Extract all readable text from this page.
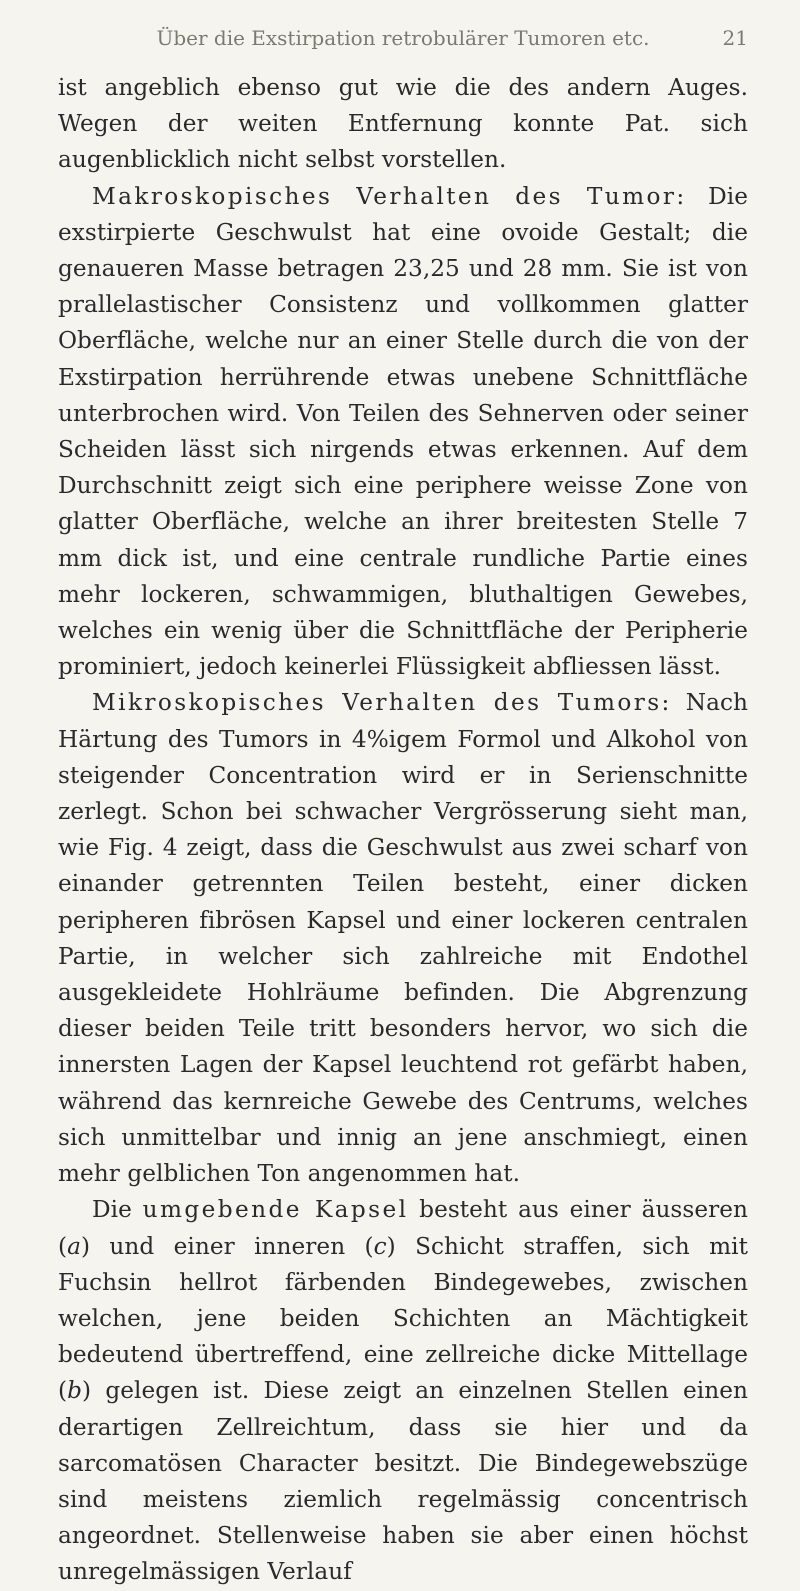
Über die Exstirpation retrobulärer Tumoren etc.	21

ist angeblich ebenso gut wie die des andern Auges. Wegen der weiten Entfernung konnte Pat. sich augenblicklich nicht selbst vorstellen.

Makroskopisches Verhalten des Tumor: Die exstirpierte Geschwulst hat eine ovoide Gestalt; die genaueren Masse betragen 23,25 und 28 mm. Sie ist von prallelastischer Consistenz und vollkommen glatter Oberfläche, welche nur an einer Stelle durch die von der Exstirpation herrührende etwas unebene Schnittfläche unterbrochen wird. Von Teilen des Sehnerven oder seiner Scheiden lässt sich nirgends etwas erkennen. Auf dem Durchschnitt zeigt sich eine periphere weisse Zone von glatter Oberfläche, welche an ihrer breitesten Stelle 7 mm dick ist, und eine centrale rundliche Partie eines mehr lockeren, schwammigen, bluthaltigen Gewebes, welches ein wenig über die Schnittfläche der Peripherie prominiert, jedoch keinerlei Flüssigkeit abfliessen lässt.

Mikroskopisches Verhalten des Tumors: Nach Härtung des Tumors in 4%igem Formol und Alkohol von steigender Concentration wird er in Serienschnitte zerlegt. Schon bei schwacher Vergrösserung sieht man, wie Fig. 4 zeigt, dass die Geschwulst aus zwei scharf von einander getrennten Teilen besteht, einer dicken peripheren fibrösen Kapsel und einer lockeren centralen Partie, in welcher sich zahlreiche mit Endothel ausgekleidete Hohlräume befinden. Die Abgrenzung dieser beiden Teile tritt besonders hervor, wo sich die innersten Lagen der Kapsel leuchtend rot gefärbt haben, während das kernreiche Gewebe des Centrums, welches sich unmittelbar und innig an jene anschmiegt, einen mehr gelblichen Ton angenommen hat.

Die umgebende Kapsel besteht aus einer äusseren (a) und einer inneren (c) Schicht straffen, sich mit Fuchsin hellrot färbenden Bindegewebes, zwischen welchen, jene beiden Schichten an Mächtigkeit bedeutend übertreffend, eine zellreiche dicke Mittellage (b) gelegen ist. Diese zeigt an einzelnen Stellen einen derartigen Zellreichtum, dass sie hier und da sarcomatösen Character besitzt. Die Bindegewebszüge sind meistens ziemlich regelmässig concentrisch angeordnet. Stellenweise haben sie aber einen höchst unregelmässigen Verlauf
